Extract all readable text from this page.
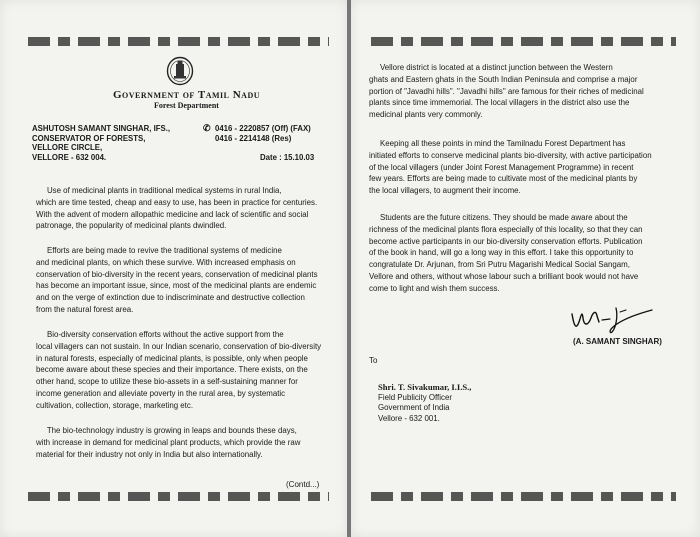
Government of Tamil Nadu
Forest Department
ASHUTOSH SAMANT SINGHAR, IFS.,
CONSERVATOR OF FORESTS,
VELLORE CIRCLE,
VELLORE - 632 004.
✆ 0416 - 2220857 (Off) (FAX)
0416 - 2214148 (Res)
Date : 15.10.03
Use of medicinal plants in traditional medical systems in rural India,
which are time tested, cheap and easy to use, has been in practice for centuries.
With the advent of modern allopathic medicine and lack of scientific and social
patronage, the popularity of medicinal plants dwindled.
Efforts are being made to revive the traditional systems of medicine
and medicinal plants, on which these survive. With increased emphasis on
conservation of bio-diversity in the recent years, conservation of medicinal plants
has become an important issue, since, most of the medicinal plants are endemic
and on the verge of extinction due to indiscriminate and destructive collection
from the natural forest area.
Bio-diversity conservation efforts without the active support from the
local villagers can not sustain. In our Indian scenario, conservation of bio-diversity
in natural forests, especially of medicinal plants, is possible, only when people
become aware about these species and their importance. There exists, on the
other hand, scope to utilize these bio-assets in a self-sustaining manner for
income generation and alleviate poverty in the rural area, by systematic
cultivation, collection, storage, marketing etc.
The bio-technology industry is growing in leaps and bounds these days,
with increase in demand for medicinal plant products, which provide the raw
material for their industry not only in India but also internationally.
(Contd...)
Vellore district is located at a distinct junction between the Western
ghats and Eastern ghats in the South Indian Peninsula and comprise a major
portion of "Javadhi hills". "Javadhi hills" are famous for their riches of medicinal
plants since time immemorial. The local villagers in the district also use the
medicinal plants very commonly.
Keeping all these points in mind the Tamilnadu Forest Department has
initiated efforts to conserve medicinal plants bio-diversity, with active participation
of the local villagers (under Joint Forest Management Programme) in recent
few years. Efforts are being made to cultivate most of the medicinal plants by
the local villagers, to augment their income.
Students are the future citizens. They should be made aware about the
richness of the medicinal plants flora especially of this locality, so that they can
become active participants in our bio-diversity conservation efforts. Publication
of the book in hand, will go a long way in this effort. I take this opportunity to
congratulate Dr. Arjunan, from Sri Putru Magarishi Medical Social Sangam,
Vellore and others, without whose labour such a brilliant book would not have
come to light and wish them success.
(A. SAMANT SINGHAR)
To
Shri. T. Sivakumar, I.I.S.,
Field Publicity Officer
Government of India
Vellore - 632 001.
